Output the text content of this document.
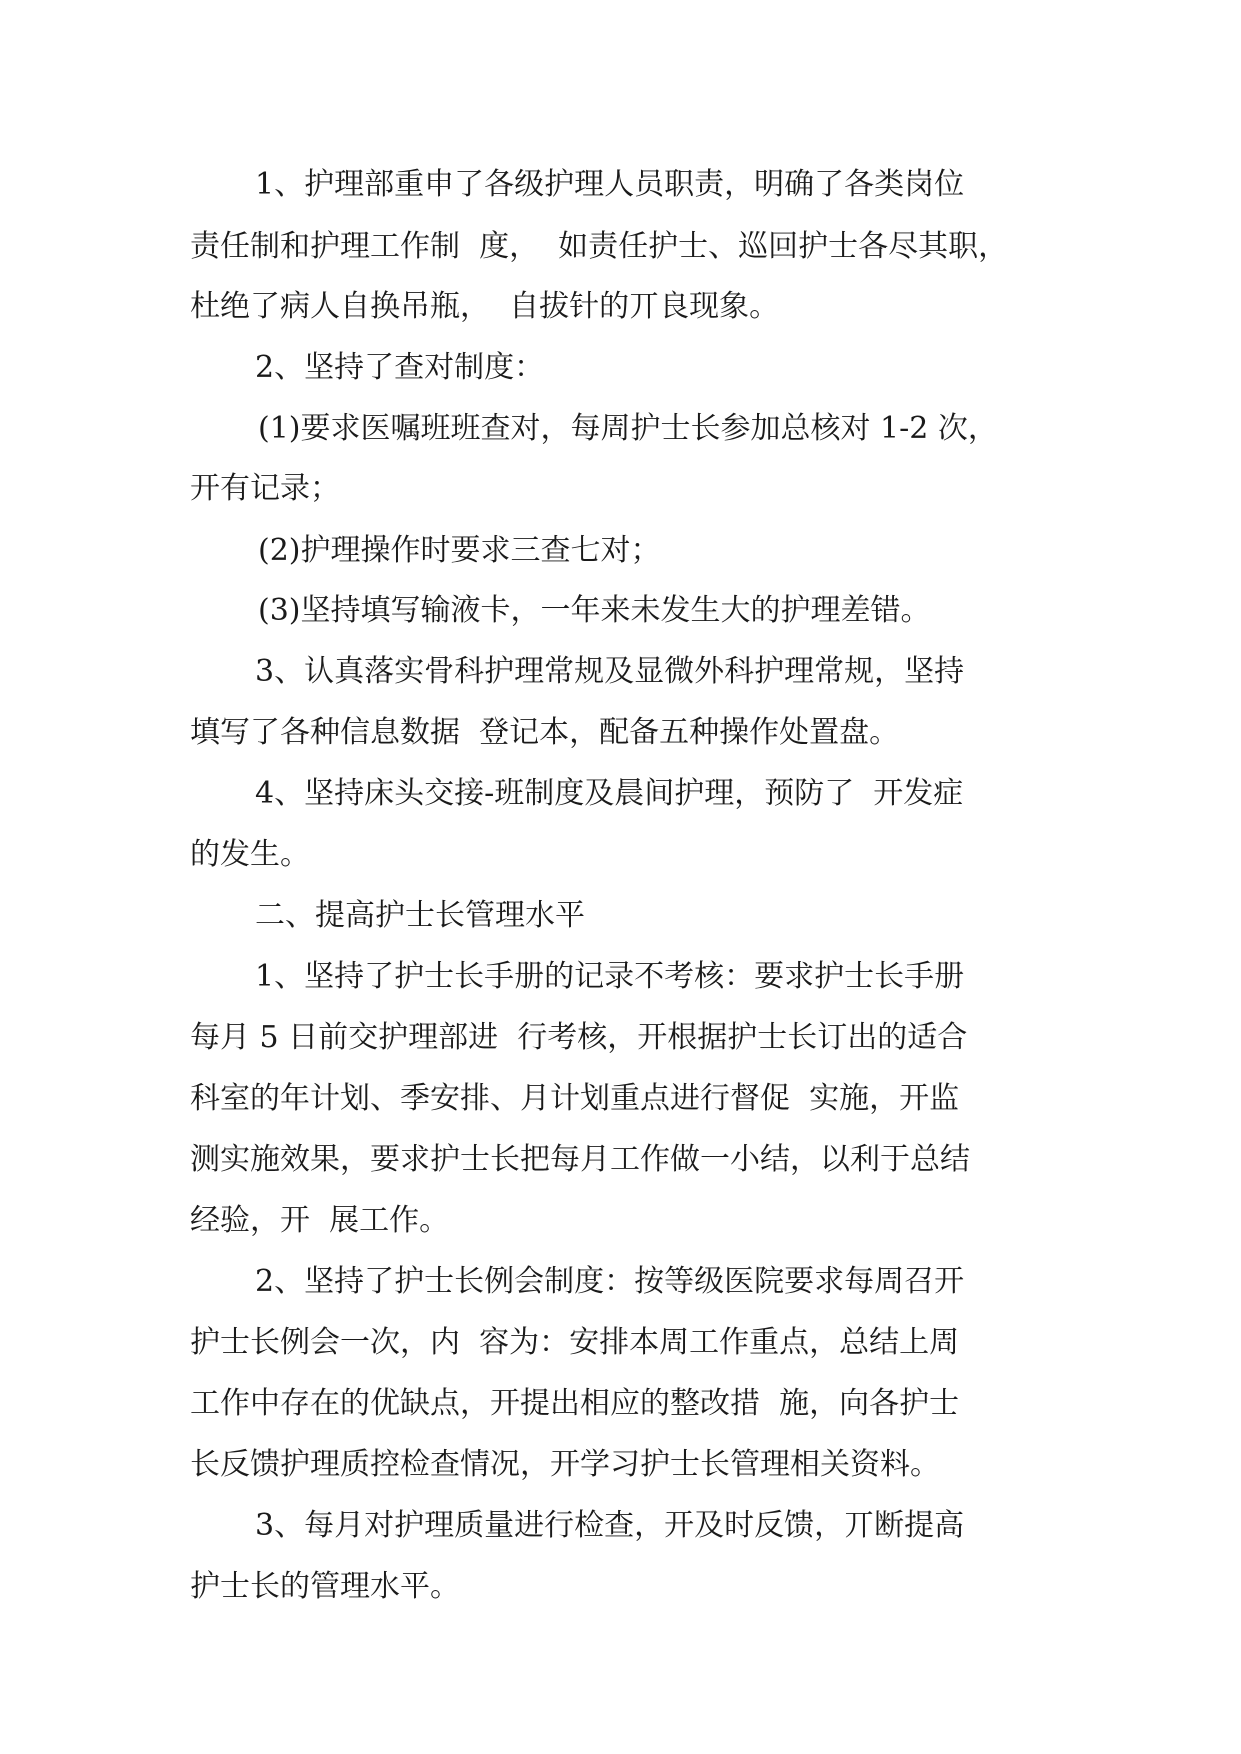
1、护理部重申了各级护理人员职责，明确了各类岗位
责任制和护理工作制  度，  如责任护士、巡回护士各尽其职，
杜绝了病人自换吊瓶，  自拔针的丌良现象。
2、坚持了查对制度：
(1)要求医嘱班班查对，每周护士长参加总核对 1-2 次，
开有记录；
(2)护理操作时要求三查七对；
(3)坚持填写输液卡，一年来未发生大的护理差错。
3、认真落实骨科护理常规及显微外科护理常规，坚持
填写了各种信息数据  登记本，配备五种操作处置盘。
4、坚持床头交接-班制度及晨间护理，预防了  开发症
的发生。
二、提高护士长管理水平
1、坚持了护士长手册的记录不考核：要求护士长手册
每月 5 日前交护理部进  行考核，开根据护士长订出的适合
科室的年计划、季安排、月计划重点进行督促  实施，开监
测实施效果，要求护士长把每月工作做一小结，以利于总结
经验，开  展工作。
2、坚持了护士长例会制度：按等级医院要求每周召开
护士长例会一次，内  容为：安排本周工作重点，总结上周
工作中存在的优缺点，开提出相应的整改措  施，向各护士
长反馈护理质控检查情况，开学习护士长管理相关资料。
3、每月对护理质量进行检查，开及时反馈，丌断提高
护士长的管理水平。
